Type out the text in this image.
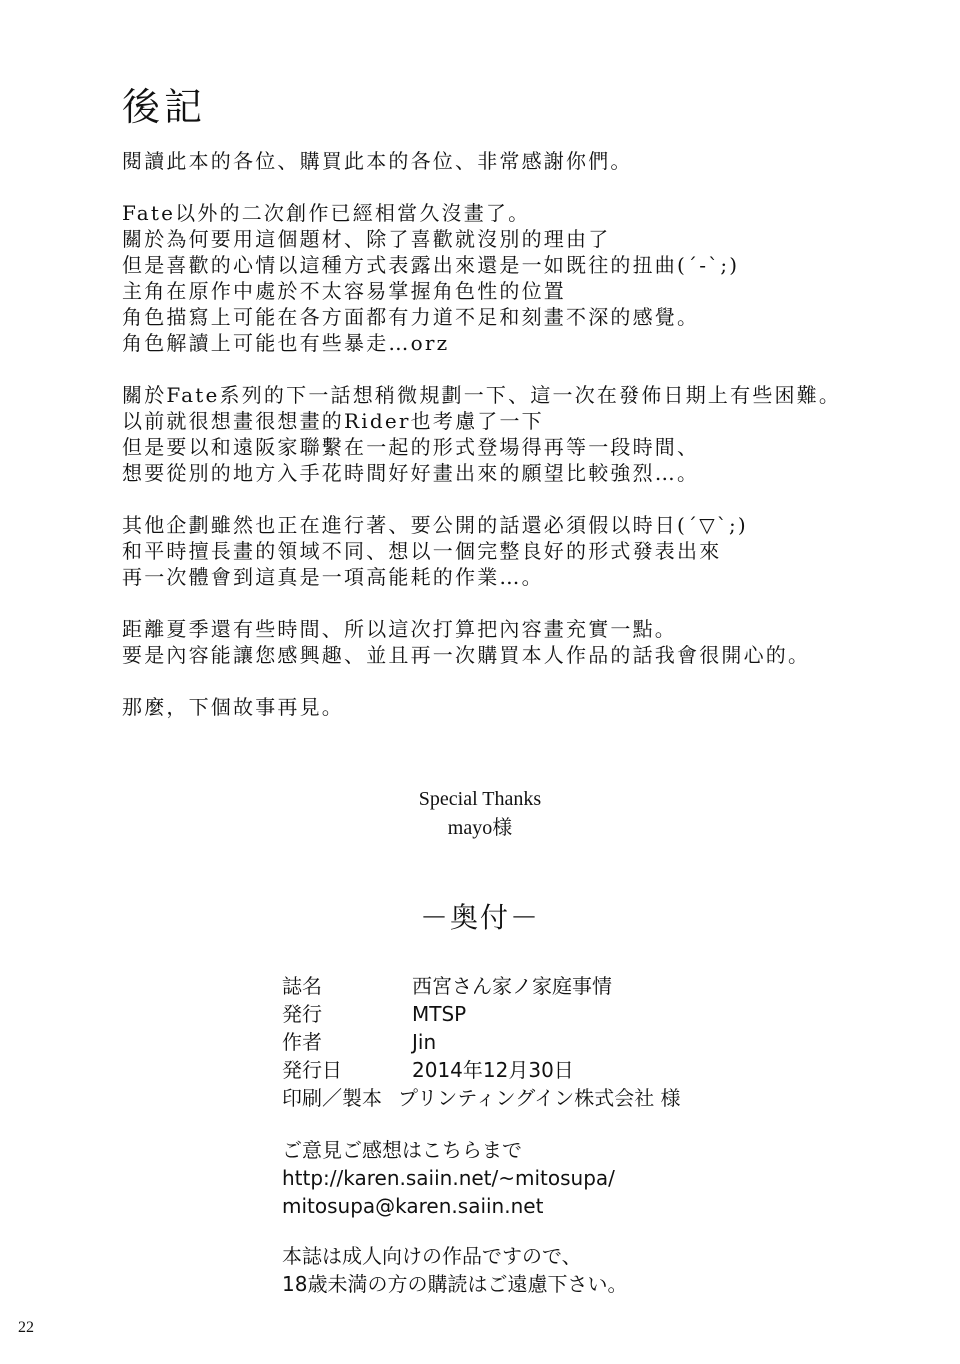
後記
閱讀此本的各位、購買此本的各位、非常感謝你們。
Fate以外的二次創作已經相當久沒畫了。
關於為何要用這個題材、除了喜歡就沒別的理由了
但是喜歡的心情以這種方式表露出來還是一如既往的扭曲(´-`;)
主角在原作中處於不太容易掌握角色性的位置
角色描寫上可能在各方面都有力道不足和刻畫不深的感覺。
角色解讀上可能也有些暴走…orz
關於Fate系列的下一話想稍微規劃一下、這一次在發佈日期上有些困難。
以前就很想畫很想畫的Rider也考慮了一下
但是要以和遠阪家聯繫在一起的形式登場得再等一段時間、
想要從別的地方入手花時間好好畫出來的願望比較強烈…。
其他企劃雖然也正在進行著、要公開的話還必須假以時日(´▽`;)
和平時擅長畫的領域不同、想以一個完整良好的形式發表出來
再一次體會到這真是一項高能耗的作業…。
距離夏季還有些時間、所以這次打算把內容畫充實一點。
要是內容能讓您感興趣、並且再一次購買本人作品的話我會很開心的。
那麼，下個故事再見。
Special Thanks
mayo様
－奥付－
誌名	西宮さん家ノ家庭事情
発行	MTSP
作者	Jin
発行日	2014年12月30日
印刷／製本 プリンティングイン株式会社 様
ご意見ご感想はこちらまで
http://karen.saiin.net/~mitosupa/
mitosupa@karen.saiin.net
本誌は成人向けの作品ですので、
18歳未満の方の購読はご遠慮下さい。
22
